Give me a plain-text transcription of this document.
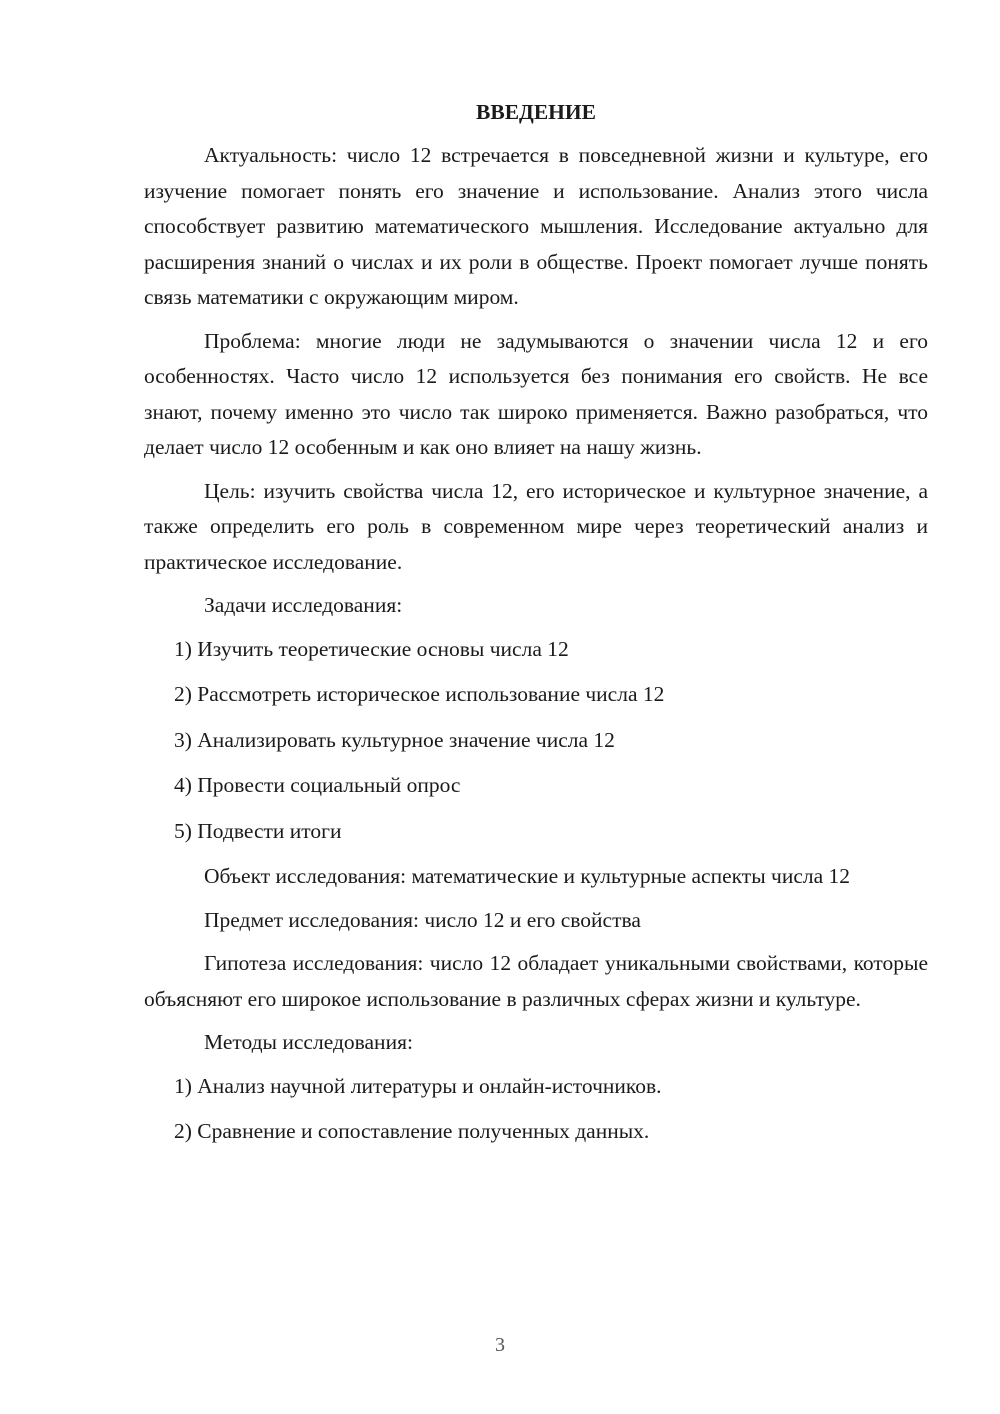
ВВЕДЕНИЕ

Актуальность: число 12 встречается в повседневной жизни и культуре, его изучение помогает понять его значение и использование. Анализ этого числа способствует развитию математического мышления. Исследование актуально для расширения знаний о числах и их роли в обществе. Проект помогает лучше понять связь математики с окружающим миром.

Проблема: многие люди не задумываются о значении числа 12 и его особенностях. Часто число 12 используется без понимания его свойств. Не все знают, почему именно это число так широко применяется. Важно разобраться, что делает число 12 особенным и как оно влияет на нашу жизнь.

Цель: изучить свойства числа 12, его историческое и культурное значение, а также определить его роль в современном мире через теоретический анализ и практическое исследование.

Задачи исследования:

1) Изучить теоретические основы числа 12

2) Рассмотреть историческое использование числа 12

3) Анализировать культурное значение числа 12

4) Провести социальный опрос

5) Подвести итоги

Объект исследования: математические и культурные аспекты числа 12

Предмет исследования: число 12 и его свойства

Гипотеза исследования: число 12 обладает уникальными свойствами, которые объясняют его широкое использование в различных сферах жизни и культуре.

Методы исследования:

1) Анализ научной литературы и онлайн-источников.

2) Сравнение и сопоставление полученных данных.

3
